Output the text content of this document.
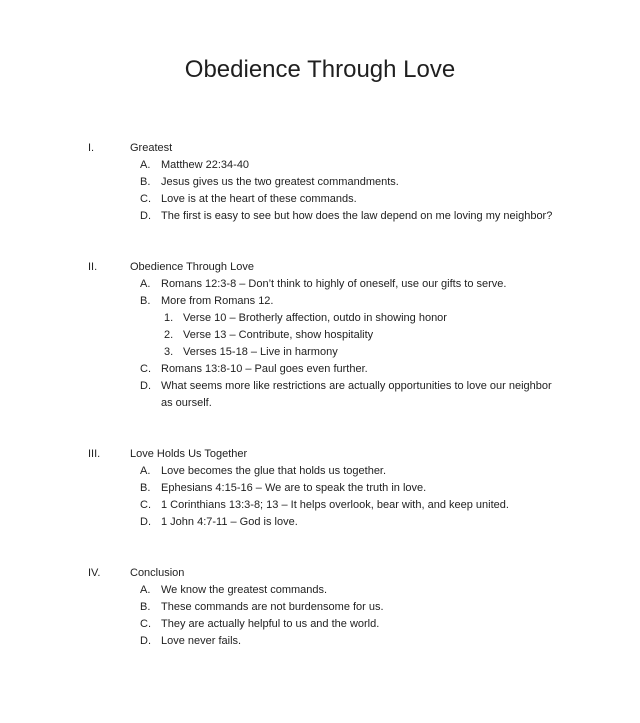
Obedience Through Love
I.	Greatest
A. Matthew 22:34-40
B. Jesus gives us the two greatest commandments.
C. Love is at the heart of these commands.
D. The first is easy to see but how does the law depend on me loving my neighbor?
II.	Obedience Through Love
A. Romans 12:3-8 – Don’t think to highly of oneself, use our gifts to serve.
B. More from Romans 12.
1. Verse 10 – Brotherly affection, outdo in showing honor
2. Verse 13 – Contribute, show hospitality
3. Verses 15-18 – Live in harmony
C. Romans 13:8-10 – Paul goes even further.
D. What seems more like restrictions are actually opportunities to love our neighbor as ourself.
III.	Love Holds Us Together
A. Love becomes the glue that holds us together.
B. Ephesians 4:15-16 – We are to speak the truth in love.
C. 1 Corinthians 13:3-8; 13 – It helps overlook, bear with, and keep united.
D. 1 John 4:7-11 – God is love.
IV.	Conclusion
A. We know the greatest commands.
B. These commands are not burdensome for us.
C. They are actually helpful to us and the world.
D. Love never fails.
